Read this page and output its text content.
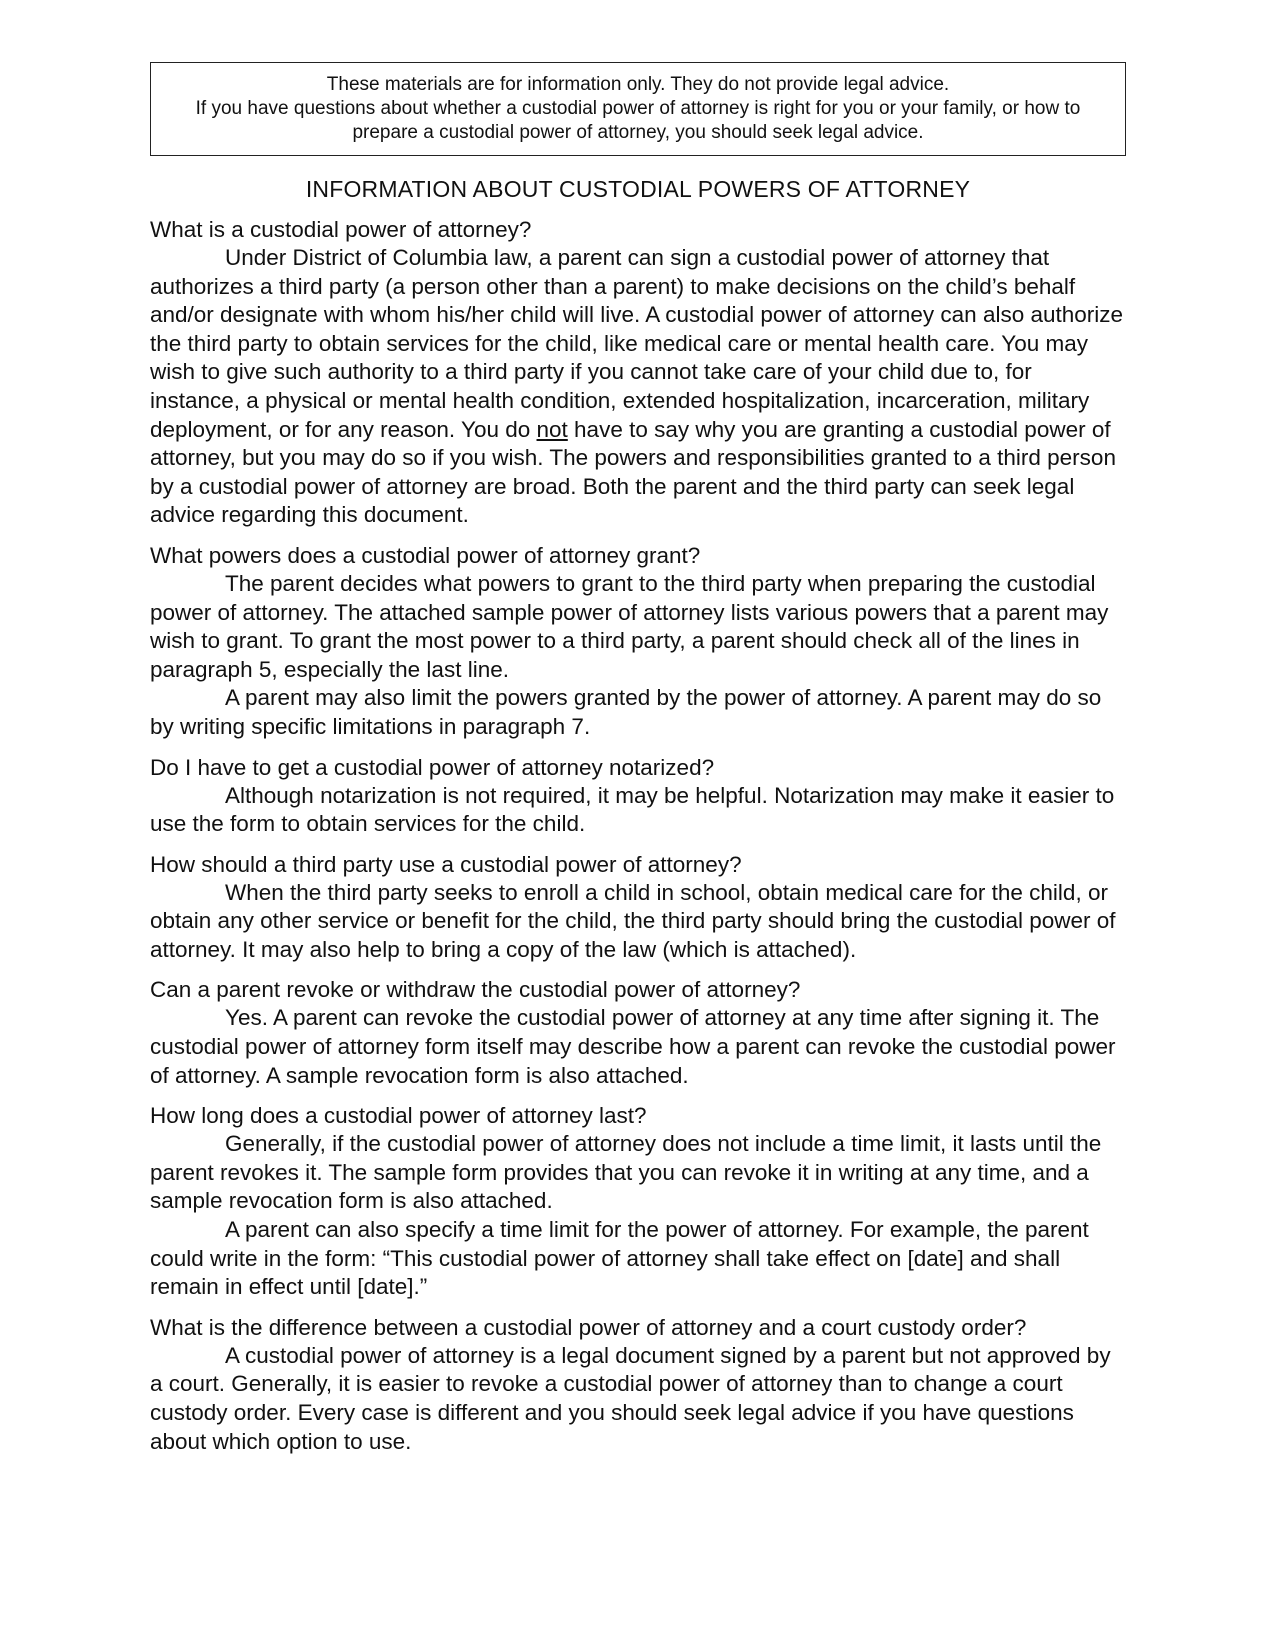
These materials are for information only. They do not provide legal advice.
If you have questions about whether a custodial power of attorney is right for you or your family, or how to prepare a custodial power of attorney, you should seek legal advice.
INFORMATION ABOUT CUSTODIAL POWERS OF ATTORNEY
What is a custodial power of attorney?

Under District of Columbia law, a parent can sign a custodial power of attorney that authorizes a third party (a person other than a parent) to make decisions on the child’s behalf and/or designate with whom his/her child will live. A custodial power of attorney can also authorize the third party to obtain services for the child, like medical care or mental health care. You may wish to give such authority to a third party if you cannot take care of your child due to, for instance, a physical or mental health condition, extended hospitalization, incarceration, military deployment, or for any reason. You do not have to say why you are granting a custodial power of attorney, but you may do so if you wish. The powers and responsibilities granted to a third person by a custodial power of attorney are broad. Both the parent and the third party can seek legal advice regarding this document.

What powers does a custodial power of attorney grant?

The parent decides what powers to grant to the third party when preparing the custodial power of attorney. The attached sample power of attorney lists various powers that a parent may wish to grant. To grant the most power to a third party, a parent should check all of the lines in paragraph 5, especially the last line.

A parent may also limit the powers granted by the power of attorney. A parent may do so by writing specific limitations in paragraph 7.

Do I have to get a custodial power of attorney notarized?

Although notarization is not required, it may be helpful. Notarization may make it easier to use the form to obtain services for the child.

How should a third party use a custodial power of attorney?

When the third party seeks to enroll a child in school, obtain medical care for the child, or obtain any other service or benefit for the child, the third party should bring the custodial power of attorney. It may also help to bring a copy of the law (which is attached).

Can a parent revoke or withdraw the custodial power of attorney?

Yes. A parent can revoke the custodial power of attorney at any time after signing it. The custodial power of attorney form itself may describe how a parent can revoke the custodial power of attorney. A sample revocation form is also attached.

How long does a custodial power of attorney last?

Generally, if the custodial power of attorney does not include a time limit, it lasts until the parent revokes it. The sample form provides that you can revoke it in writing at any time, and a sample revocation form is also attached.

A parent can also specify a time limit for the power of attorney. For example, the parent could write in the form: “This custodial power of attorney shall take effect on [date] and shall remain in effect until [date].”

What is the difference between a custodial power of attorney and a court custody order?

A custodial power of attorney is a legal document signed by a parent but not approved by a court. Generally, it is easier to revoke a custodial power of attorney than to change a court custody order. Every case is different and you should seek legal advice if you have questions about which option to use.
